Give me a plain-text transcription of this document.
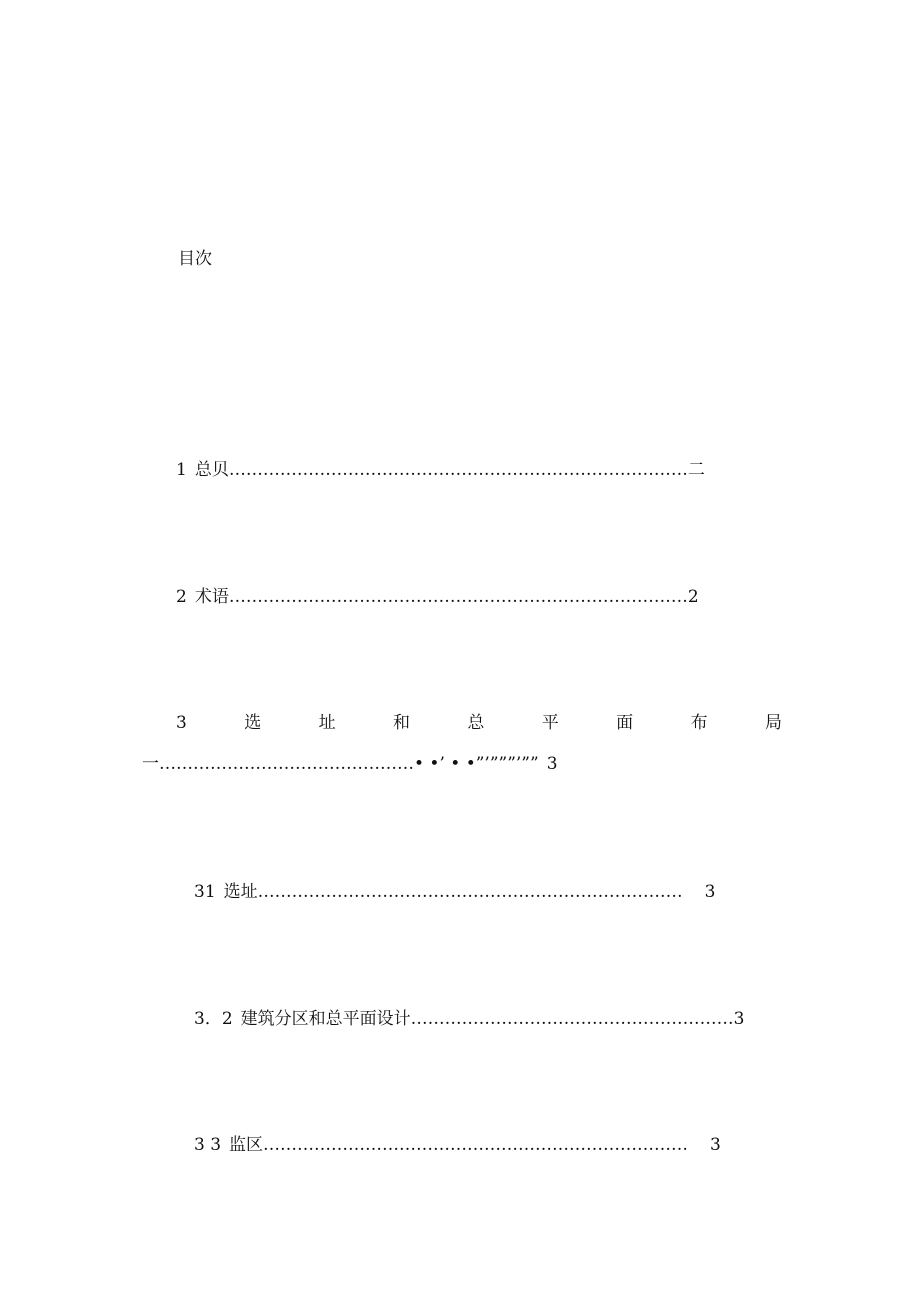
目次
1 总贝………………………………………………………………………二
2 术语………………………………………………………………………2
3	选	址	和	总	平	面	布	局
一………………………………………• •’ • •”’”””’”” 3
31 选址………………………………………………………………… 3
3．2 建筑分区和总平面设计…………………………………………………3
3 3 监区………………………………………………………………… 3
